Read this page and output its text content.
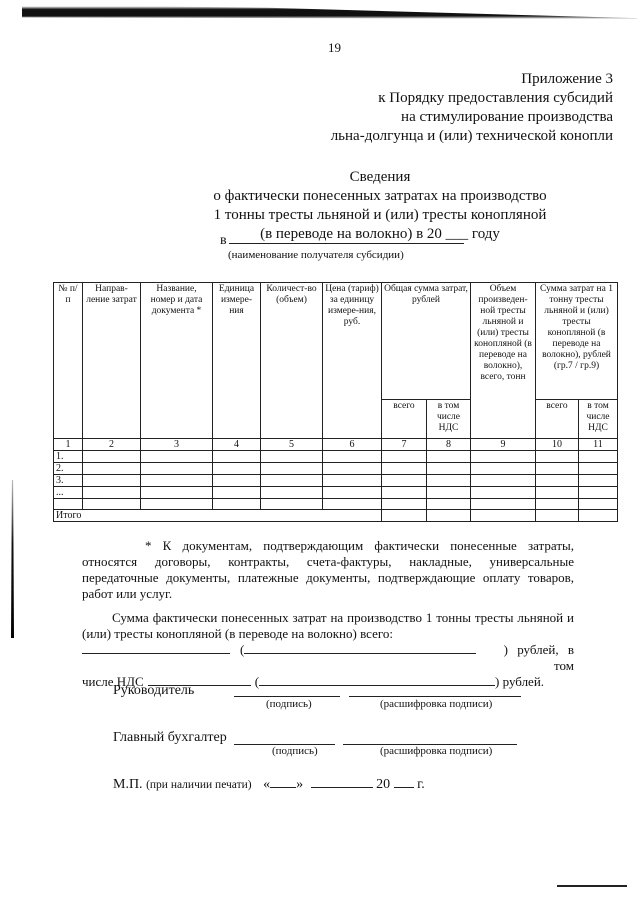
19
Приложение 3
к Порядку предоставления субсидий
на стимулирование производства
льна-долгунца и (или) технической конопли
Сведения
о фактически понесенных затратах на производство
1 тонны тресты льняной и (или) тресты конопляной
(в переводе на волокно) в 20 ___ году
в
(наименование получателя субсидии)
№ п/п	Направ-ление затрат	Название, номер и дата документа *	Единица измере-ния	Количест-во (объем)	Цена (тариф) за единицу измере-ния, руб.	Общая сумма затрат, рублей		Объем произведен-ной тресты льняной и (или) тресты конопляной (в переводе на волокно), всего, тонн	Сумма затрат на 1 тонну тресты льняной и (или) тресты конопляной (в переводе на волокно), рублей (гр.7 / гр.9)	
						всего	в том числе НДС		всего	в том числе НДС
1	2	3	4	5	6	7	8	9	10	11
1.										
2.										
3.										
...										

Итого										
* К документам, подтверждающим фактически понесенные затраты, относятся договоры, контракты, счета-фактуры, накладные, универсальные передаточные документы, платежные документы, подтверждающие оплату товаров, работ или услуг.
Сумма фактически понесенных затрат на производство 1 тонны тресты льняной и (или) тресты конопляной (в переводе на волокно) всего:
(	) рублей, в том
числе НДС	(	) рублей.
Руководитель
(подпись)	(расшифровка подписи)
Главный бухгалтер
(подпись)	(расшифровка подписи)
М.П. (при наличии печати) « »	20 г.
